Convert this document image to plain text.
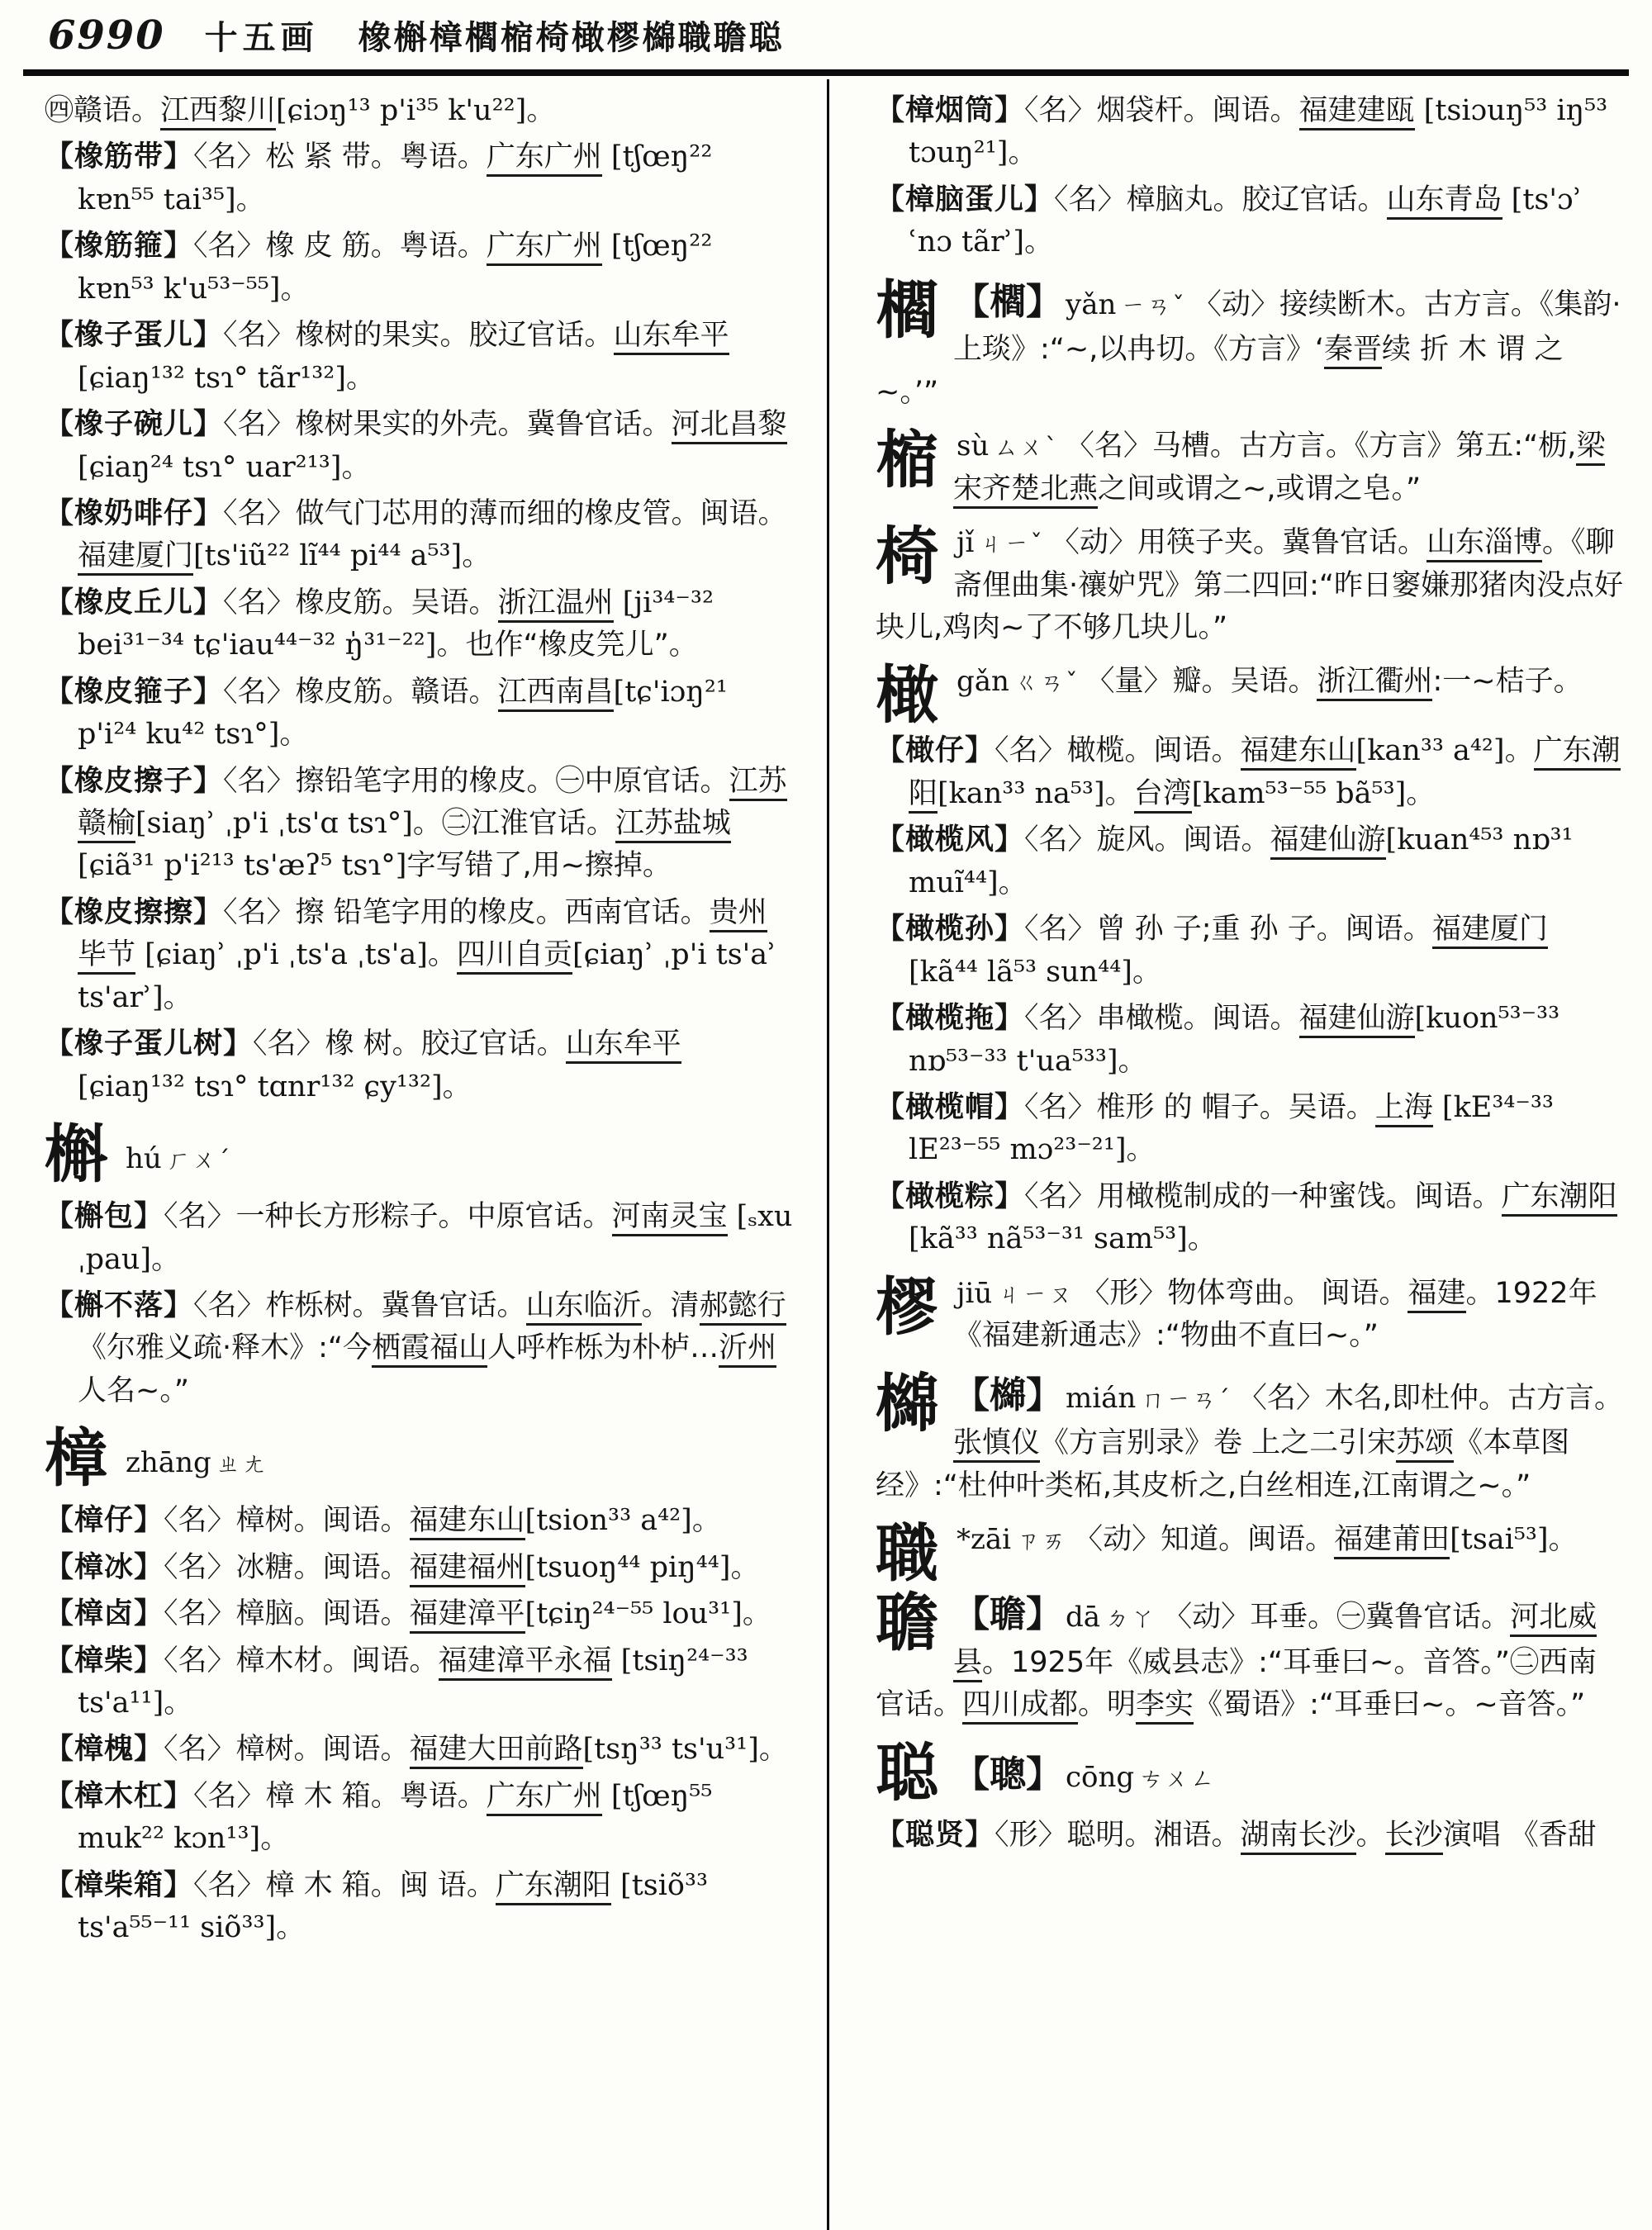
6990 十五画 橡槲樟櫩樎椅橄樛檰職聸聪

㊃赣语。江西黎川[ɕiɔŋ¹³ p'i³⁵ k'u²²]。

【橡筋带】〈名〉松 紧 带。粤语。广东广州 [tʃœŋ²² kɐn⁵⁵ tai³⁵]。

【橡筋箍】〈名〉橡 皮 筋。粤语。广东广州 [tʃœŋ²² kɐn⁵³ k'u⁵³⁻⁵⁵]。

【橡子蛋儿】〈名〉橡树的果实。胶辽官话。山东牟平 [ɕiaŋ¹³² tsɿ° tãr¹³²]。

【橡子碗儿】〈名〉橡树果实的外壳。冀鲁官话。河北昌黎[ɕiaŋ²⁴ tsɿ° uar²¹³]。

【橡奶啡仔】〈名〉做气门芯用的薄而细的橡皮管。闽语。福建厦门[ts'iũ²² lĩ⁴⁴ pi⁴⁴ a⁵³]。

【橡皮丘儿】〈名〉橡皮筋。吴语。浙江温州 [ji³⁴⁻³² bei³¹⁻³⁴ tɕ'iau⁴⁴⁻³² ŋ̍³¹⁻²²]。也作“橡皮笎儿”。

【橡皮箍子】〈名〉橡皮筋。赣语。江西南昌[tɕ'iɔŋ²¹ p'i²⁴ ku⁴² tsɿ°]。

【橡皮擦子】〈名〉擦铅笔字用的橡皮。㊀中原官话。江苏赣榆[siaŋʾ ˌp'i ˌts'ɑ tsɿ°]。㊁江淮官话。江苏盐城[ɕiã³¹ p'i²¹³ ts'æʔ⁵ tsɿ°]字写错了,用~擦掉。

【橡皮擦擦】〈名〉擦 铅笔字用的橡皮。西南官话。贵州毕节 [ɕiaŋʾ ˌp'i ˌts'a ˌts'a]。四川自贡[ɕiaŋʾ ˌp'i ts'aʾ ts'arʾ]。

【橡子蛋儿树】〈名〉橡 树。胶辽官话。山东牟平 [ɕiaŋ¹³² tsɿ° tɑnr¹³² ɕy¹³²]。

槲hú ㄏㄨˊ

【槲包】〈名〉一种长方形粽子。中原官话。河南灵宝 [ₛxu ˌpau]。

【槲不落】〈名〉柞栎树。冀鲁官话。山东临沂。清郝懿行《尔雅义疏·释木》:“今栖霞福山人呼柞栎为朴栌…沂州人名~。”

樟zhāng ㄓㄤ

【樟仔】〈名〉樟树。闽语。福建东山[tsion³³ a⁴²]。

【樟冰】〈名〉冰糖。闽语。福建福州[tsuoŋ⁴⁴ piŋ⁴⁴]。

【樟卤】〈名〉樟脑。闽语。福建漳平[tɕiŋ²⁴⁻⁵⁵ lou³¹]。

【樟柴】〈名〉樟木材。闽语。福建漳平永福 [tsiŋ²⁴⁻³³ ts'a¹¹]。

【樟槐】〈名〉樟树。闽语。福建大田前路[tsŋ³³ ts'u³¹]。

【樟木杠】〈名〉樟 木 箱。粤语。广东广州 [tʃœŋ⁵⁵ muk²² kɔn¹³]。

【樟柴箱】〈名〉樟 木 箱。闽 语。广东潮阳 [tsiõ³³ ts'a⁵⁵⁻¹¹ siõ³³]。

【樟烟筒】〈名〉烟袋杆。闽语。福建建瓯 [tsiɔuŋ⁵³ iŋ⁵³ tɔuŋ²¹]。

【樟脑蛋儿】〈名〉樟脑丸。胶辽官话。山东青岛 [ts'ɔʾ ʿnɔ tãrʾ]。

櫩 【櫩】 yǎn ㄧㄢˇ 〈动〉接续断木。古方言。《集韵·上琰》:“~,以冉切。《方言》‘秦晋续 折 木 谓 之~。’”
樎sù ㄙㄨˋ 〈名〉马槽。古方言。《方言》第五:“枥,梁宋齐楚北燕之间或谓之~,或谓之皂。”
椅jǐ ㄐㄧˇ 〈动〉用筷子夹。冀鲁官话。山东淄博。《聊斋俚曲集·禳妒咒》第二四回:“昨日窭嫌那猪肉没点好块儿,鸡肉~了不够几块儿。”
橄gǎn ㄍㄢˇ 〈量〉瓣。吴语。浙江衢州:一~桔子。

【橄仔】〈名〉橄榄。闽语。福建东山[kan³³ a⁴²]。广东潮阳[kan³³ na⁵³]。台湾[kam⁵³⁻⁵⁵ bã⁵³]。

【橄榄风】〈名〉旋风。闽语。福建仙游[kuan⁴⁵³ nɒ³¹ muĩ⁴⁴]。

【橄榄孙】〈名〉曾 孙 子;重 孙 子。闽语。福建厦门 [kã⁴⁴ lã⁵³ sun⁴⁴]。

【橄榄拖】〈名〉串橄榄。闽语。福建仙游[kuon⁵³⁻³³ nɒ⁵³⁻³³ t'ua⁵³³]。

【橄榄帽】〈名〉椎形 的 帽子。吴语。上海 [kE³⁴⁻³³ lE²³⁻⁵⁵ mɔ²³⁻²¹]。

【橄榄粽】〈名〉用橄榄制成的一种蜜饯。闽语。广东潮阳[kã³³ nã⁵³⁻³¹ sam⁵³]。

樛jiū ㄐㄧㄡ 〈形〉物体弯曲。 闽语。福建。1922年《福建新通志》:“物曲不直曰~。”
檰 【檰】 mián ㄇㄧㄢˊ 〈名〉木名,即杜仲。古方言。张慎仪《方言别录》卷 上之二引宋苏颂《本草图经》:“杜仲叶类柘,其皮析之,白丝相连,江南谓之~。”
職 *zāi ㄗㄞ 〈动〉知道。闽语。福建莆田[tsai⁵³]。
聸 【聸】 dā ㄉㄚ 〈动〉耳垂。㊀冀鲁官话。河北威县。1925年《威县志》:“耳垂曰~。音答。”㊁西南官话。四川成都。明李实《蜀语》:“耳垂曰~。~音答。”
聪 【聰】 cōng ㄘㄨㄥ

【聪贤】〈形〉聪明。湘语。湖南长沙。长沙演唱 《香甜
